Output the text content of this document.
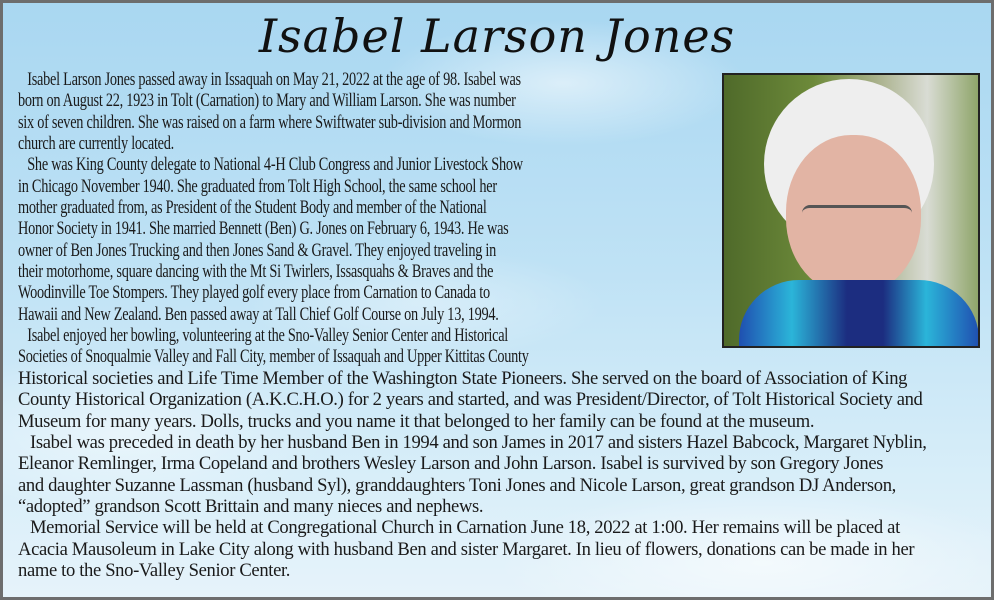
Isabel Larson Jones
Isabel Larson Jones passed away in Issaquah on May 21, 2022 at the age of 98. Isabel was
born on August 22, 1923 in Tolt (Carnation) to Mary and William Larson. She was number
six of seven children. She was raised on a farm where Swiftwater sub-division and Mormon
church are currently located.
She was King County delegate to National 4-H Club Congress and Junior Livestock Show
in Chicago November 1940. She graduated from Tolt High School, the same school her
mother graduated from, as President of the Student Body and member of the National
Honor Society in 1941. She married Bennett (Ben) G. Jones on February 6, 1943. He was
owner of Ben Jones Trucking and then Jones Sand & Gravel. They enjoyed traveling in
their motorhome, square dancing with the Mt Si Twirlers, Issasquahs & Braves and the
Woodinville Toe Stompers. They played golf every place from Carnation to Canada to
Hawaii and New Zealand. Ben passed away at Tall Chief Golf Course on July 13, 1994.
Isabel enjoyed her bowling, volunteering at the Sno-Valley Senior Center and Historical
Societies of Snoqualmie Valley and Fall City, member of Issaquah and Upper Kittitas County
Historical societies and Life Time Member of the Washington State Pioneers. She served on the board of Association of King
County Historical Organization (A.K.C.H.O.) for 2 years and started, and was President/Director, of Tolt Historical Society and
Museum for many years. Dolls, trucks and you name it that belonged to her family can be found at the museum.
Isabel was preceded in death by her husband Ben in 1994 and son James in 2017 and sisters Hazel Babcock, Margaret Nyblin,
Eleanor Remlinger, Irma Copeland and brothers Wesley Larson and John Larson. Isabel is survived by son Gregory Jones
and daughter Suzanne Lassman (husband Syl), granddaughters Toni Jones and Nicole Larson, great grandson DJ Anderson,
“adopted” grandson Scott Brittain and many nieces and nephews.
Memorial Service will be held at Congregational Church in Carnation June 18, 2022 at 1:00. Her remains will be placed at
Acacia Mausoleum in Lake City along with husband Ben and sister Margaret. In lieu of flowers, donations can be made in her
name to the Sno-Valley Senior Center.
